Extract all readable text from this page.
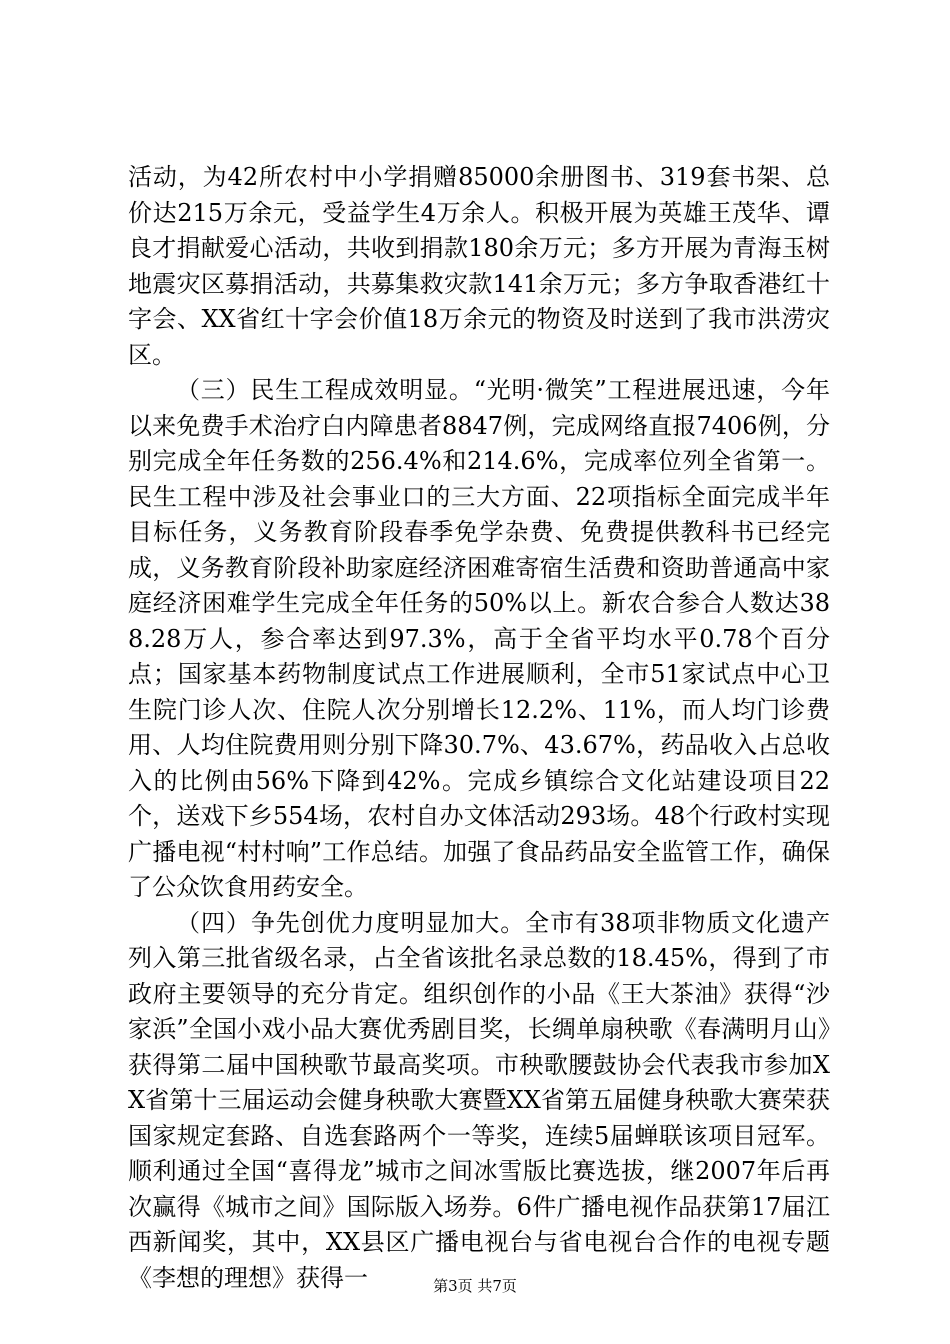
活动，为42所农村中小学捐赠85000余册图书、319套书架、总价达215万余元，受益学生4万余人。积极开展为英雄王茂华、谭良才捐献爱心活动，共收到捐款180余万元；多方开展为青海玉树地震灾区募捐活动，共募集救灾款141余万元；多方争取香港红十字会、XX省红十字会价值18万余元的物资及时送到了我市洪涝灾区。

（三）民生工程成效明显。“光明·微笑”工程进展迅速，今年以来免费手术治疗白内障患者8847例，完成网络直报7406例，分别完成全年任务数的256.4%和214.6%，完成率位列全省第一。民生工程中涉及社会事业口的三大方面、22项指标全面完成半年目标任务，义务教育阶段春季免学杂费、免费提供教科书已经完成，义务教育阶段补助家庭经济困难寄宿生活费和资助普通高中家庭经济困难学生完成全年任务的50%以上。新农合参合人数达388.28万人，参合率达到97.3%，高于全省平均水平0.78个百分点；国家基本药物制度试点工作进展顺利，全市51家试点中心卫生院门诊人次、住院人次分别增长12.2%、11%，而人均门诊费用、人均住院费用则分别下降30.7%、43.67%，药品收入占总收入的比例由56%下降到42%。完成乡镇综合文化站建设项目22个，送戏下乡554场，农村自办文体活动293场。48个行政村实现广播电视“村村响”工作总结。加强了食品药品安全监管工作，确保了公众饮食用药安全。

（四）争先创优力度明显加大。全市有38项非物质文化遗产列入第三批省级名录，占全省该批名录总数的18.45%，得到了市政府主要领导的充分肯定。组织创作的小品《王大茶油》获得“沙家浜”全国小戏小品大赛优秀剧目奖，长绸单扇秧歌《春满明月山》获得第二届中国秧歌节最高奖项。市秧歌腰鼓协会代表我市参加XX省第十三届运动会健身秧歌大赛暨XX省第五届健身秧歌大赛荣获国家规定套路、自选套路两个一等奖，连续5届蝉联该项目冠军。顺利通过全国“喜得龙”城市之间冰雪版比赛选拔，继2007年后再次赢得《城市之间》国际版入场券。6件广播电视作品获第17届江西新闻奖，其中，XX县区广播电视台与省电视台合作的电视专题《李想的理想》获得一	第3页 共7页
